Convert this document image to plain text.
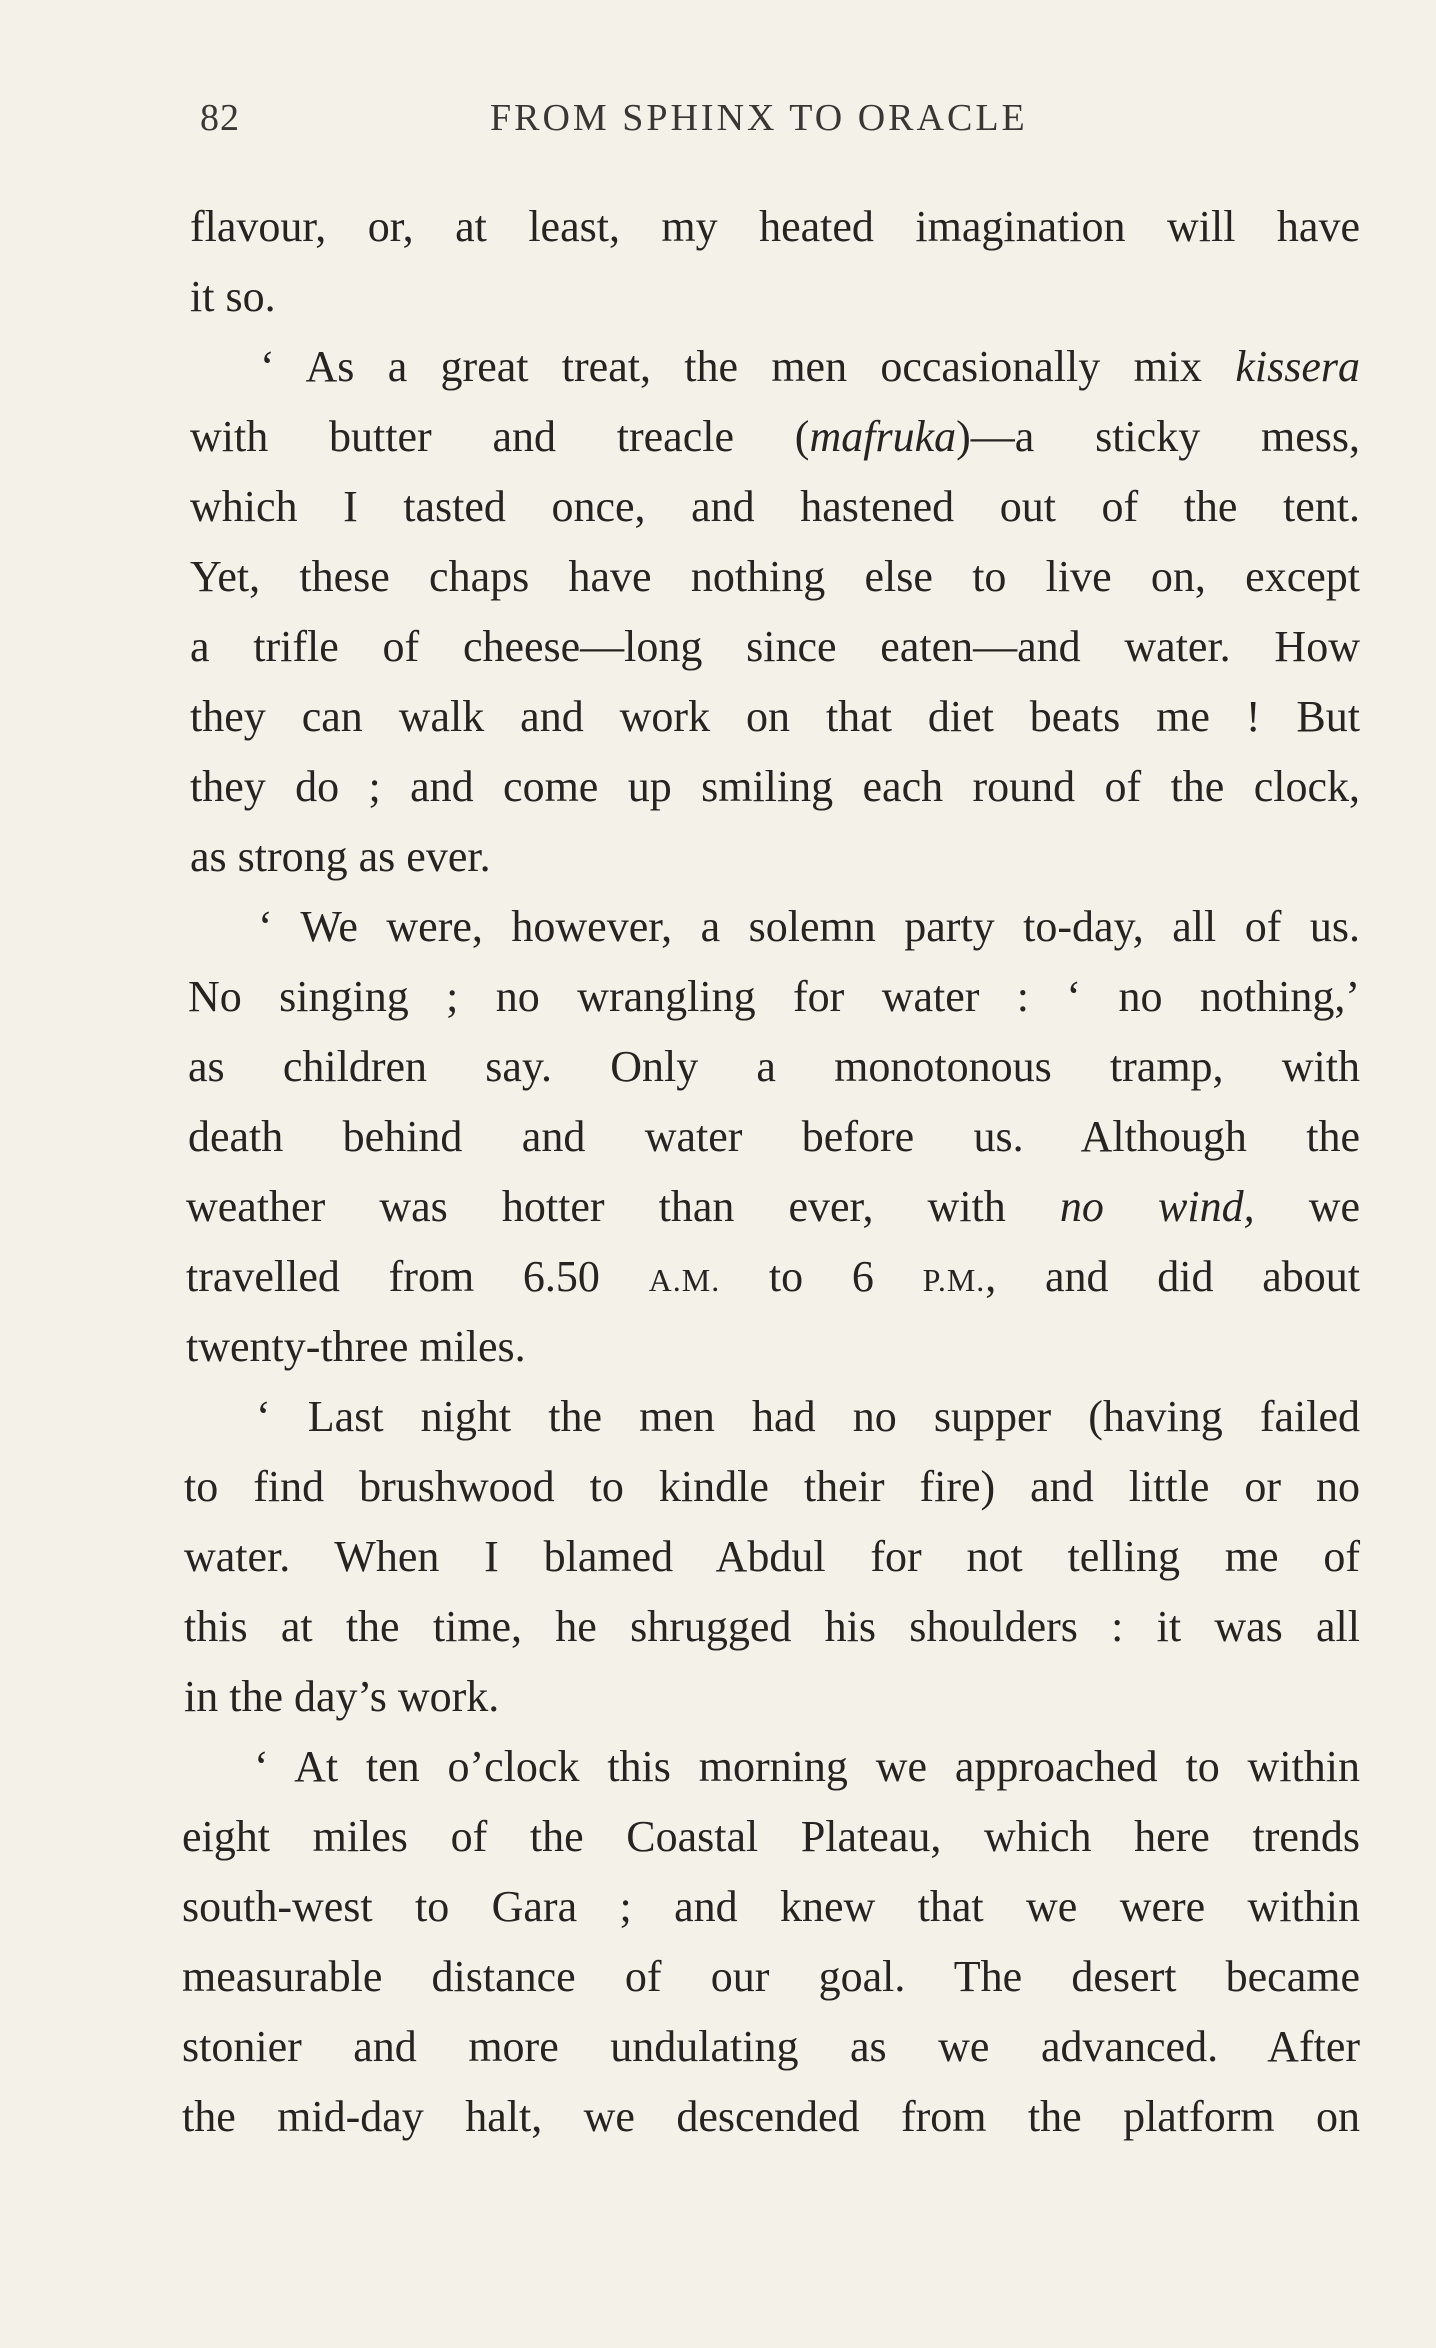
82	FROM SPHINX TO ORACLE
flavour, or, at least, my heated imagination will have
it so.
‘ As a great treat, the men occasionally mix kissera
with butter and treacle (mafruka)—a sticky mess,
which I tasted once, and hastened out of the tent.
Yet, these chaps have nothing else to live on, except
a trifle of cheese—long since eaten—and water. How
they can walk and work on that diet beats me ! But
they do ; and come up smiling each round of the clock,
as strong as ever.
‘ We were, however, a solemn party to-day, all of us.
No singing ; no wrangling for water : ‘ no nothing,’
as children say. Only a monotonous tramp, with
death behind and water before us. Although the
weather was hotter than ever, with no wind, we
travelled from 6.50 A.M. to 6 P.M., and did about
twenty-three miles.
‘ Last night the men had no supper (having failed
to find brushwood to kindle their fire) and little or no
water. When I blamed Abdul for not telling me of
this at the time, he shrugged his shoulders : it was all
in the day’s work.
‘ At ten o’clock this morning we approached to within
eight miles of the Coastal Plateau, which here trends
south-west to Gara ; and knew that we were within
measurable distance of our goal. The desert became
stonier and more undulating as we advanced. After
the mid-day halt, we descended from the platform on
